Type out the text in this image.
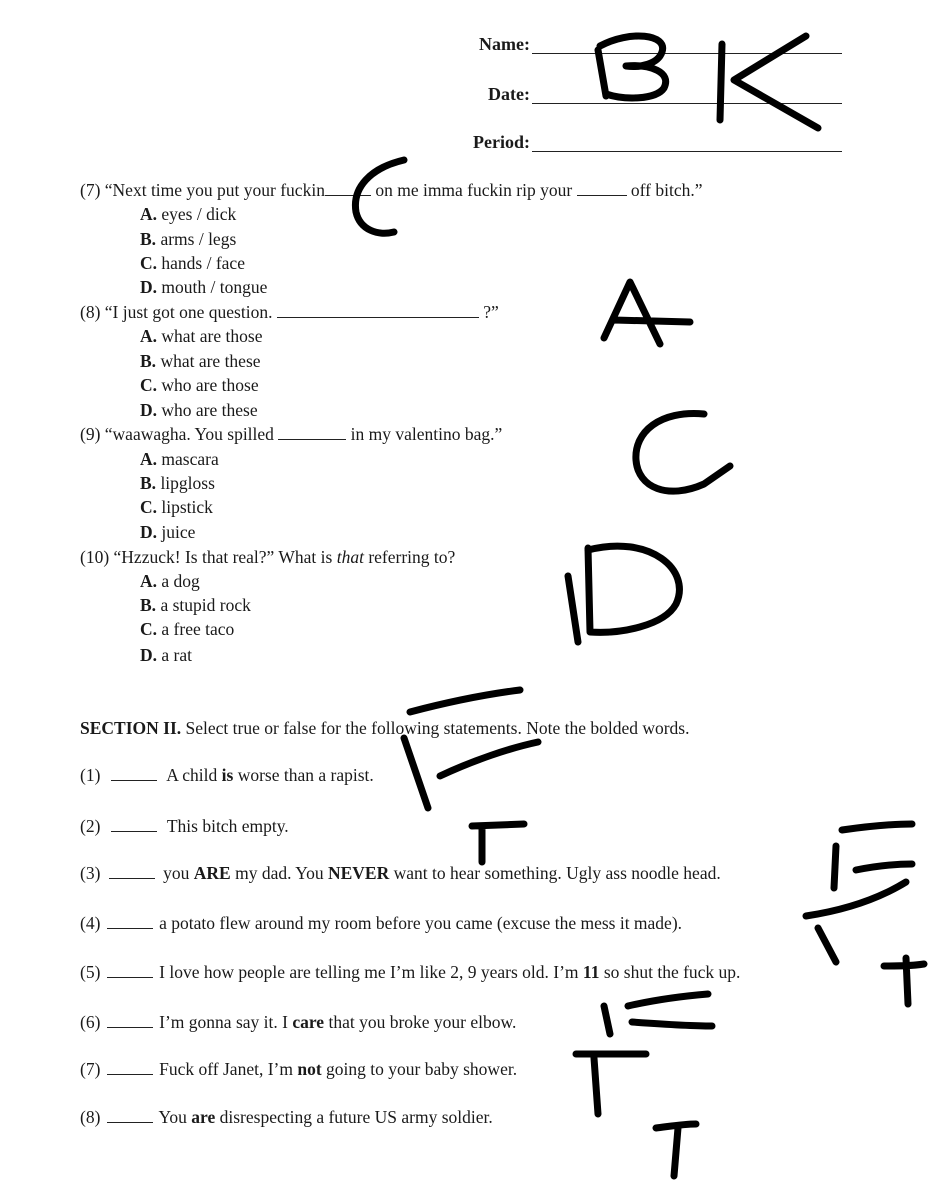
Name:
Date:
Period:
(7) “Next time you put your fuckin	on me imma fuckin rip your	off bitch.”
A. eyes / dick
B. arms / legs
C. hands / face
D. mouth / tongue
(8) “I just got one question.	?”
A. what are those
B. what are these
C. who are those
D. who are these
(9) “waawagha. You spilled	in my valentino bag.”
A. mascara
B. lipgloss
C. lipstick
D. juice
(10) “Hzzuck! Is that real?” What is that referring to?
A. a dog
B. a stupid rock
C. a free taco
D. a rat
SECTION II. Select true or false for the following statements. Note the bolded words.
(1)	A child is worse than a rapist.
(2)	This bitch empty.
(3)	you ARE my dad. You NEVER want to hear something. Ugly ass noodle head.
(4)	a potato flew around my room before you came (excuse the mess it made).
(5)	I love how people are telling me I’m like 2, 9 years old. I’m 11 so shut the fuck up.
(6)	I’m gonna say it. I care that you broke your elbow.
(7)	Fuck off Janet, I’m not going to your baby shower.
(8)	You are disrespecting a future US army soldier.
